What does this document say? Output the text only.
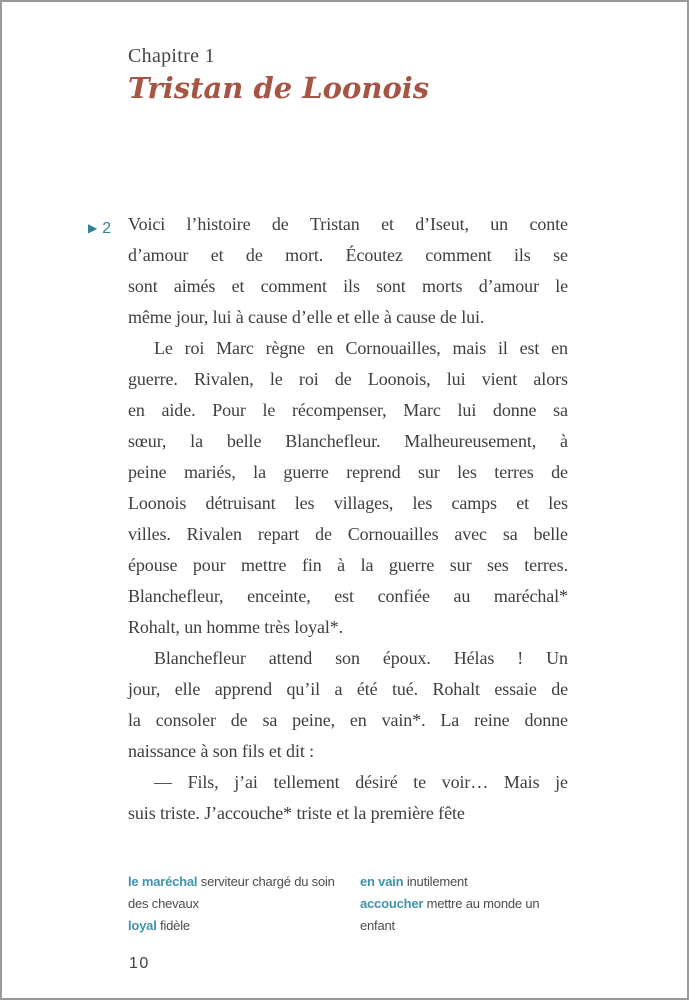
Chapitre 1
Tristan de Loonois
▶ 2 Voici l’histoire de Tristan et d’Iseut, un conte
d’amour et de mort. Écoutez comment ils se
sont aimés et comment ils sont morts d’amour le
même jour, lui à cause d’elle et elle à cause de lui.
Le roi Marc règne en Cornouailles, mais il est en
guerre. Rivalen, le roi de Loonois, lui vient alors
en aide. Pour le récompenser, Marc lui donne sa
sœur, la belle Blanchefleur. Malheureusement, à
peine mariés, la guerre reprend sur les terres de
Loonois détruisant les villages, les camps et les
villes. Rivalen repart de Cornouailles avec sa belle
épouse pour mettre fin à la guerre sur ses terres.
Blanchefleur, enceinte, est confiée au maréchal*
Rohalt, un homme très loyal*.
Blanchefleur attend son époux. Hélas ! Un
jour, elle apprend qu’il a été tué. Rohalt essaie de
la consoler de sa peine, en vain*. La reine donne
naissance à son fils et dit :
— Fils, j’ai tellement désiré te voir… Mais je
suis triste. J’accouche* triste et la première fête
le maréchal serviteur chargé du soin des chevaux
loyal fidèle
en vain inutilement
accoucher mettre au monde un enfant
10
